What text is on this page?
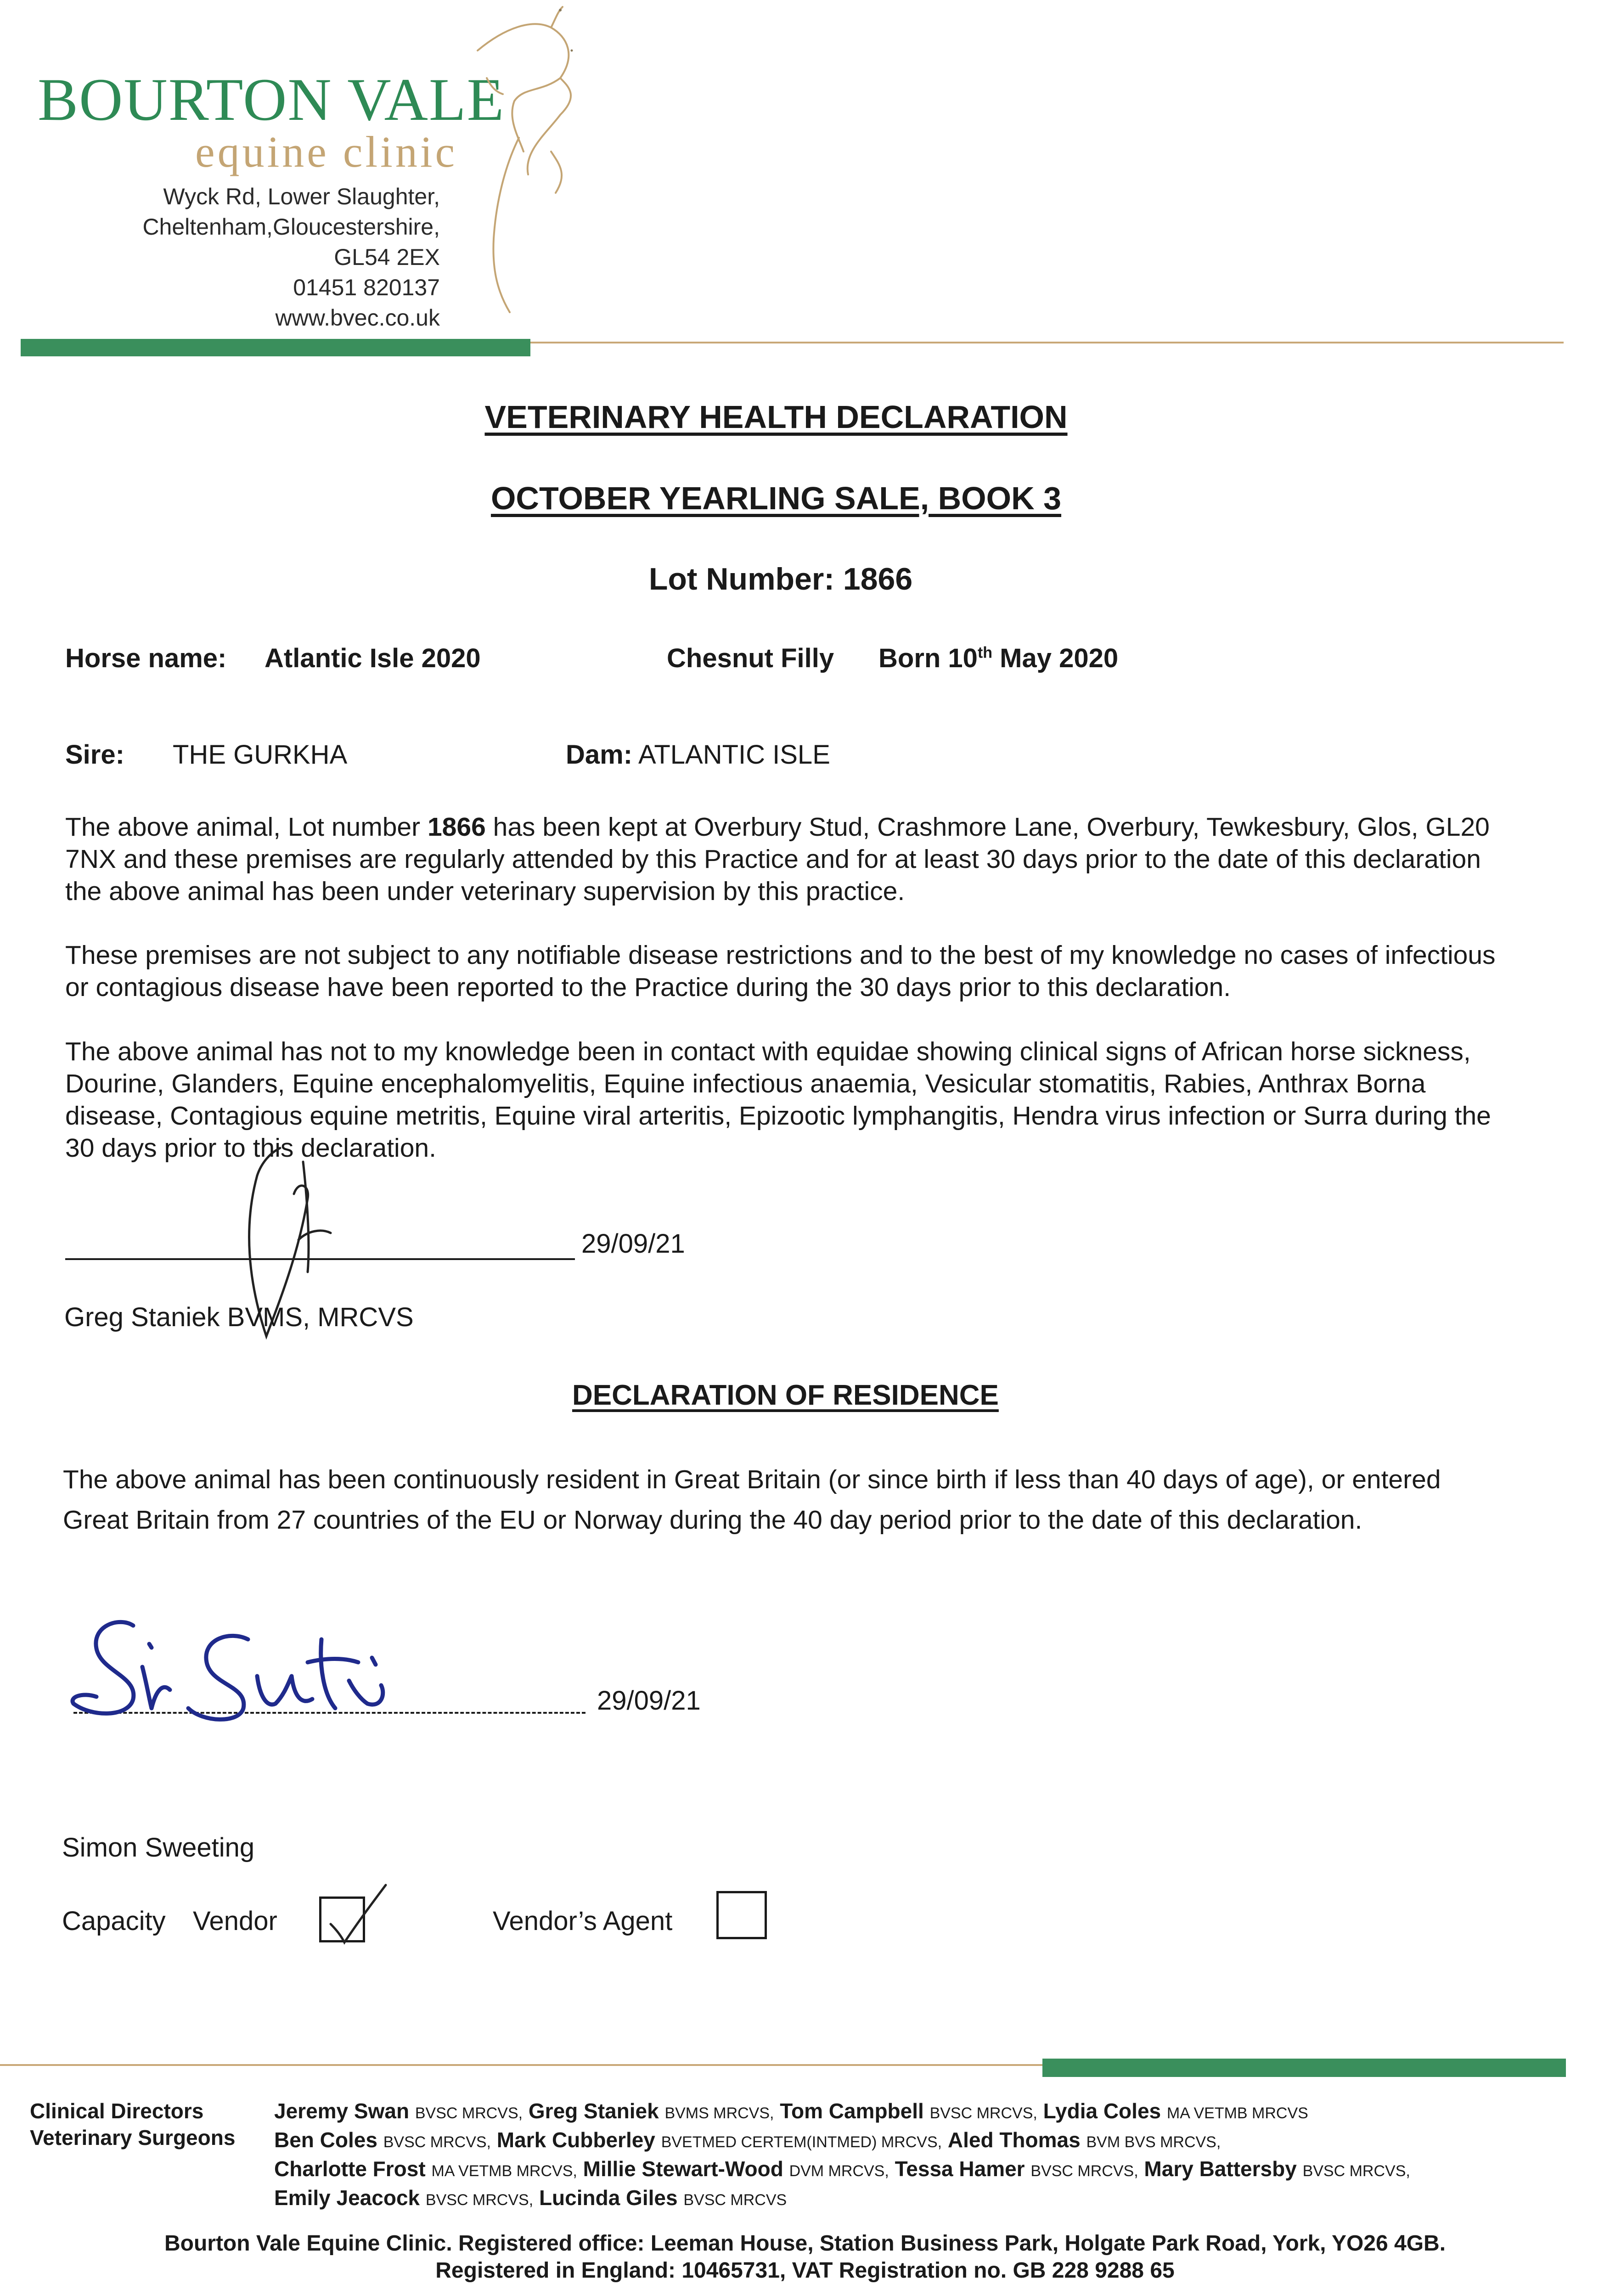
BOURTON VALE
equine clinic
Wyck Rd, Lower Slaughter,
Cheltenham,Gloucestershire,
GL54 2EX
01451 820137
www.bvec.co.uk
VETERINARY HEALTH DECLARATION
OCTOBER YEARLING SALE, BOOK 3
Lot Number: 1866
Horse name: Atlantic Isle 2020	Chesnut Filly Born 10th May 2020
Sire: THE GURKHA	Dam: ATLANTIC ISLE

The above animal, Lot number 1866 has been kept at Overbury Stud, Crashmore Lane, Overbury, Tewkesbury, Glos, GL20 7NX and these premises are regularly attended by this Practice and for at least 30 days prior to the date of this declaration the above animal has been under veterinary supervision by this practice.

These premises are not subject to any notifiable disease restrictions and to the best of my knowledge no cases of infectious or contagious disease have been reported to the Practice during the 30 days prior to this declaration.

The above animal has not to my knowledge been in contact with equidae showing clinical signs of African horse sickness, Dourine, Glanders, Equine encephalomyelitis, Equine infectious anaemia, Vesicular stomatitis, Rabies, Anthrax Borna disease, Contagious equine metritis, Equine viral arteritis, Epizootic lymphangitis, Hendra virus infection or Surra during the 30 days prior to this declaration.

29/09/21
Greg Staniek BVMS, MRCVS
DECLARATION OF RESIDENCE

The above animal has been continuously resident in Great Britain (or since birth if less than 40 days of age), or entered Great Britain from 27 countries of the EU or Norway during the 40 day period prior to the date of this declaration.

29/09/21
Simon Sweeting
Capacity Vendor	Vendor’s Agent
Clinical Directors
Veterinary Surgeons
Jeremy Swan BVSC MRCVS, Greg Staniek BVMS MRCVS, Tom Campbell BVSC MRCVS, Lydia Coles MA VETMB MRCVS
Ben Coles BVSC MRCVS, Mark Cubberley BVETMED CERTEM(INTMED) MRCVS, Aled Thomas BVM BVS MRCVS,
Charlotte Frost MA VETMB MRCVS, Millie Stewart-Wood DVM MRCVS, Tessa Hamer BVSC MRCVS, Mary Battersby BVSC MRCVS,
Emily Jeacock BVSC MRCVS, Lucinda Giles BVSC MRCVS
Bourton Vale Equine Clinic. Registered office: Leeman House, Station Business Park, Holgate Park Road, York, YO26 4GB.
Registered in England: 10465731, VAT Registration no. GB 228 9288 65
